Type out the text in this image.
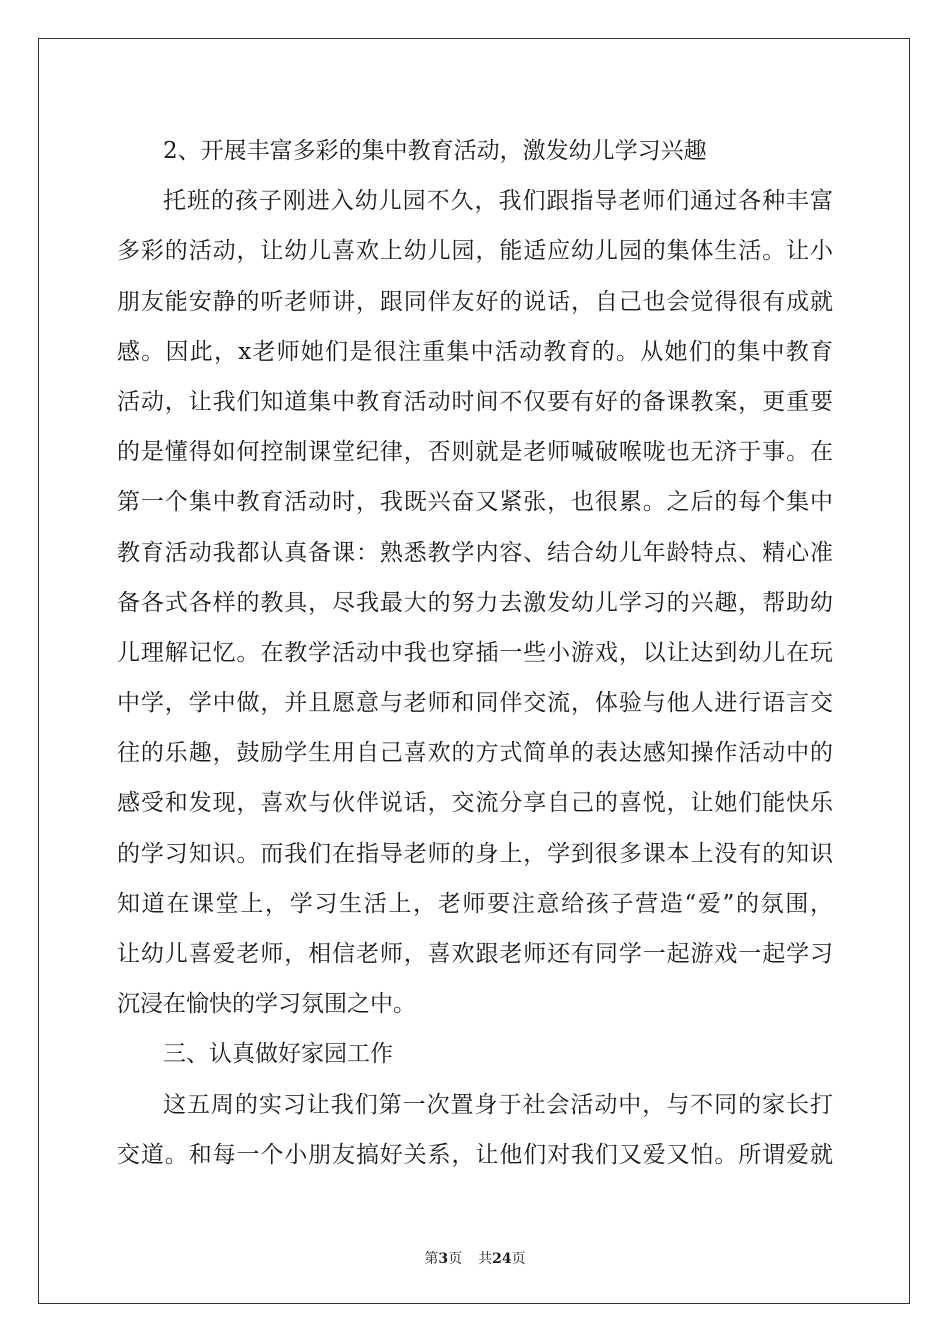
2、开展丰富多彩的集中教育活动，激发幼儿学习兴趣
托班的孩子刚进入幼儿园不久，我们跟指导老师们通过各种丰富
多彩的活动，让幼儿喜欢上幼儿园，能适应幼儿园的集体生活。让小
朋友能安静的听老师讲，跟同伴友好的说话，自己也会觉得很有成就
感。因此，x老师她们是很注重集中活动教育的。从她们的集中教育
活动，让我们知道集中教育活动时间不仅要有好的备课教案，更重要
的是懂得如何控制课堂纪律，否则就是老师喊破喉咙也无济于事。在
第一个集中教育活动时，我既兴奋又紧张，也很累。之后的每个集中
教育活动我都认真备课：熟悉教学内容、结合幼儿年龄特点、精心准
备各式各样的教具，尽我最大的努力去激发幼儿学习的兴趣，帮助幼
儿理解记忆。在教学活动中我也穿插一些小游戏，以让达到幼儿在玩
中学，学中做，并且愿意与老师和同伴交流，体验与他人进行语言交
往的乐趣，鼓励学生用自己喜欢的方式简单的表达感知操作活动中的
感受和发现，喜欢与伙伴说话，交流分享自己的喜悦，让她们能快乐
的学习知识。而我们在指导老师的身上，学到很多课本上没有的知识
知道在课堂上，学习生活上，老师要注意给孩子营造“爱”的氛围，
让幼儿喜爱老师，相信老师，喜欢跟老师还有同学一起游戏一起学习
沉浸在愉快的学习氛围之中。
三、认真做好家园工作
这五周的实习让我们第一次置身于社会活动中，与不同的家长打
交道。和每一个小朋友搞好关系，让他们对我们又爱又怕。所谓爱就
第3页 共24页
